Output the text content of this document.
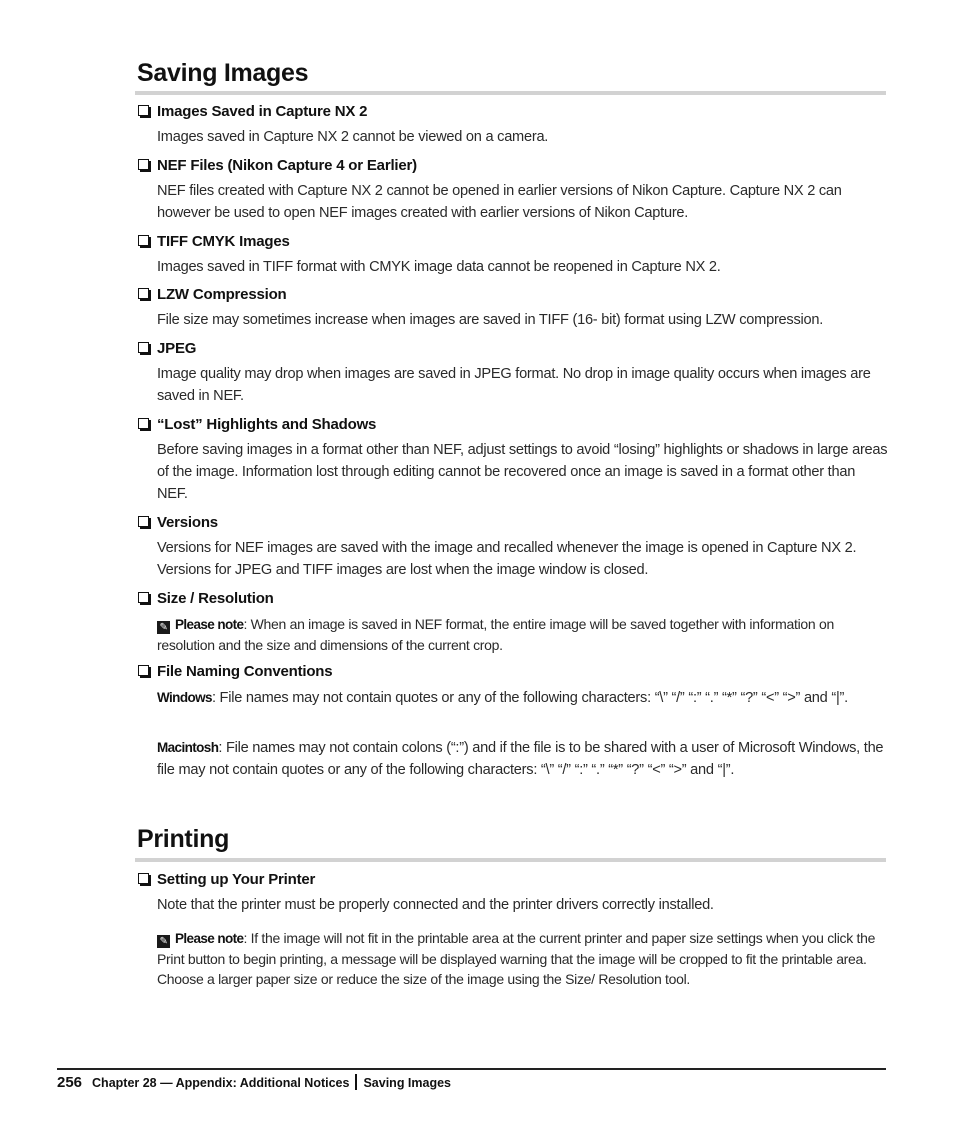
Saving Images
Images Saved in Capture NX 2
Images saved in Capture NX 2 cannot be viewed on a camera.
NEF Files (Nikon Capture 4 or Earlier)
NEF files created with Capture NX 2 cannot be opened in earlier versions of Nikon Capture. Capture NX 2 can however be used to open NEF images created with earlier versions of Nikon Capture.
TIFF CMYK Images
Images saved in TIFF format with CMYK image data cannot be reopened in Capture NX 2.
LZW Compression
File size may sometimes increase when images are saved in TIFF (16- bit) format using LZW compression.
JPEG
Image quality may drop when images are saved in JPEG format. No drop in image quality occurs when images are saved in NEF.
“Lost” Highlights and Shadows
Before saving images in a format other than NEF, adjust settings to avoid “losing” highlights or shadows in large areas of the image. Information lost through editing cannot be recovered once an image is saved in a format other than NEF.
Versions
Versions for NEF images are saved with the image and recalled whenever the image is opened in Capture NX 2. Versions for JPEG and TIFF images are lost when the image window is closed.
Size / Resolution
✎ Please note: When an image is saved in NEF format, the entire image will be saved together with information on resolution and the size and dimensions of the current crop.
File Naming Conventions
Windows: File names may not contain quotes or any of the following characters: “\” “/” “:” “.” “*” “?” “<” “>” and “|”.
Macintosh: File names may not contain colons (“:”) and if the file is to be shared with a user of Microsoft Windows, the file may not contain quotes or any of the following characters: “\” “/” “:” “.” “*” “?” “<” “>” and “|”.
Printing
Setting up Your Printer
Note that the printer must be properly connected and the printer drivers correctly installed.
✎ Please note: If the image will not fit in the printable area at the current printer and paper size settings when you click the Print button to begin printing, a message will be displayed warning that the image will be cropped to fit the printable area. Choose a larger paper size or reduce the size of the image using the Size/ Resolution tool.
256 Chapter 28 — Appendix: Additional Notices Saving Images
